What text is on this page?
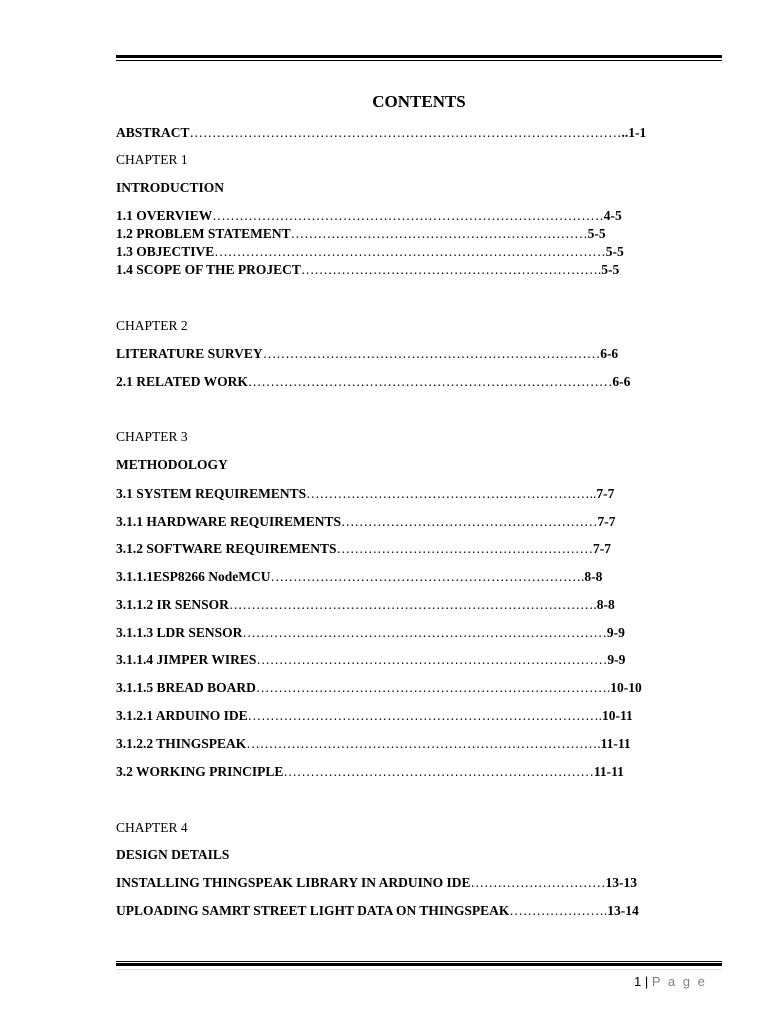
CONTENTS
ABSTRACT……………………………………………………………………………………..1-1
CHAPTER 1
INTRODUCTION
1.1 OVERVIEW……………………………………………………………………………4-5
1.2 PROBLEM STATEMENT…………………………………………………………5-5
1.3 OBJECTIVE……………………………………………………………………………5-5
1.4 SCOPE OF THE PROJECT………………………………………………………….5-5
CHAPTER 2
LITERATURE SURVEY…………………………………………………………………6-6
2.1 RELATED WORK………………………………………………………………………6-6
CHAPTER 3
METHODOLOGY
3.1 SYSTEM REQUIREMENTS………………………………………………………..7-7
3.1.1 HARDWARE REQUIREMENTS…………………………………………………7-7
3.1.2 SOFTWARE REQUIREMENTS…………………………………………………7-7
3.1.1.1ESP8266 NodeMCU…………………………………………………………….8-8
3.1.1.2 IR SENSOR……………………………………………………………………….8-8
3.1.1.3 LDR SENSOR………………………………………………………………………9-9
3.1.1.4 JIMPER WIRES……………………………………………………………………9-9
3.1.1.5 BREAD BOARD…………………………………………………………………….10-10
3.1.2.1 ARDUINO IDE…………………………………………………………………….10-11
3.1.2.2 THINGSPEAK…………………………………………………………………….11-11
3.2 WORKING PRINCIPLE……………………………………………………………11-11
CHAPTER 4
DESIGN DETAILS
INSTALLING THINGSPEAK LIBRARY IN ARDUINO IDE…………………………13-13
UPLOADING SAMRT STREET LIGHT DATA ON THINGSPEAK………………….13-14
1 | P a g e
